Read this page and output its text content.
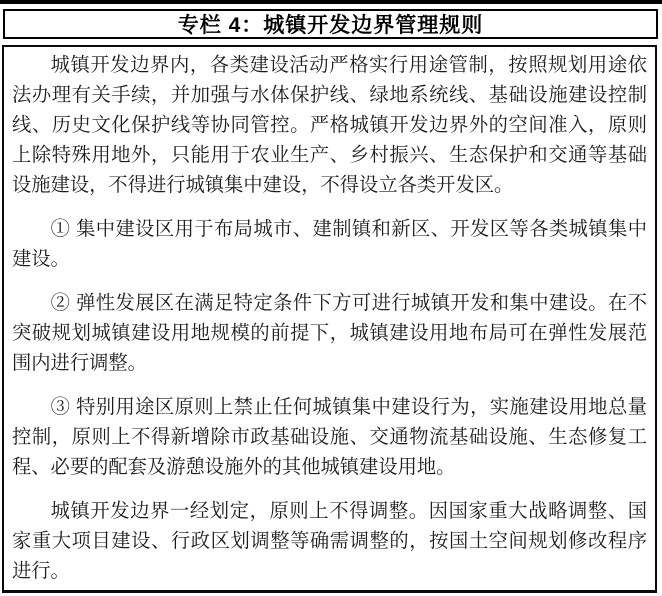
专栏 4：城镇开发边界管理规则

城镇开发边界内，各类建设活动严格实行用途管制，按照规划用途依法办理有关手续，并加强与水体保护线、绿地系统线、基础设施建设控制线、历史文化保护线等协同管控。严格城镇开发边界外的空间准入，原则上除特殊用地外，只能用于农业生产、乡村振兴、生态保护和交通等基础设施建设，不得进行城镇集中建设，不得设立各类开发区。

① 集中建设区用于布局城市、建制镇和新区、开发区等各类城镇集中建设。

② 弹性发展区在满足特定条件下方可进行城镇开发和集中建设。在不突破规划城镇建设用地规模的前提下，城镇建设用地布局可在弹性发展范围内进行调整。

③ 特别用途区原则上禁止任何城镇集中建设行为，实施建设用地总量控制，原则上不得新增除市政基础设施、交通物流基础设施、生态修复工程、必要的配套及游憩设施外的其他城镇建设用地。

城镇开发边界一经划定，原则上不得调整。因国家重大战略调整、国家重大项目建设、行政区划调整等确需调整的，按国土空间规划修改程序进行。
